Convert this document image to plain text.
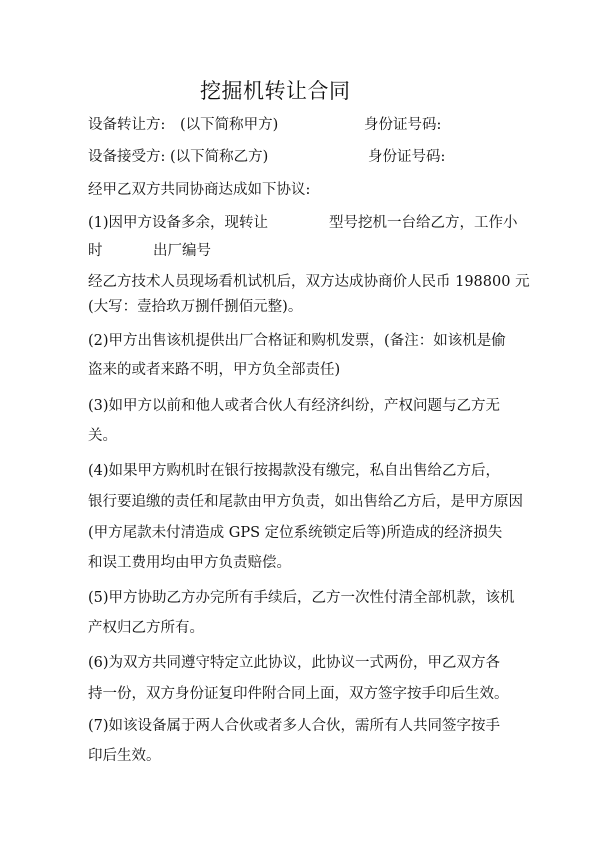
挖掘机转让合同
设备转让方: (以下简称甲方)	身份证号码:
设备接受方: (以下简称乙方)	身份证号码:
经甲乙双方共同协商达成如下协议:
(1)因甲方设备多余，现转让	型号挖机一台给乙方，工作小
时	出厂编号
经乙方技术人员现场看机试机后，双方达成协商价人民币 198800 元
(大写：壹拾玖万捌仟捌佰元整)。
(2)甲方出售该机提供出厂合格证和购机发票，(备注：如该机是偷
盗来的或者来路不明，甲方负全部责任)
(3)如甲方以前和他人或者合伙人有经济纠纷，产权问题与乙方无
关。
(4)如果甲方购机时在银行按揭款没有缴完，私自出售给乙方后，
银行要追缴的责任和尾款由甲方负责，如出售给乙方后，是甲方原因
(甲方尾款未付清造成 GPS 定位系统锁定后等)所造成的经济损失
和误工费用均由甲方负责赔偿。
(5)甲方协助乙方办完所有手续后，乙方一次性付清全部机款，该机
产权归乙方所有。
(6)为双方共同遵守特定立此协议，此协议一式两份，甲乙双方各
持一份，双方身份证复印件附合同上面，双方签字按手印后生效。
(7)如该设备属于两人合伙或者多人合伙，需所有人共同签字按手
印后生效。
